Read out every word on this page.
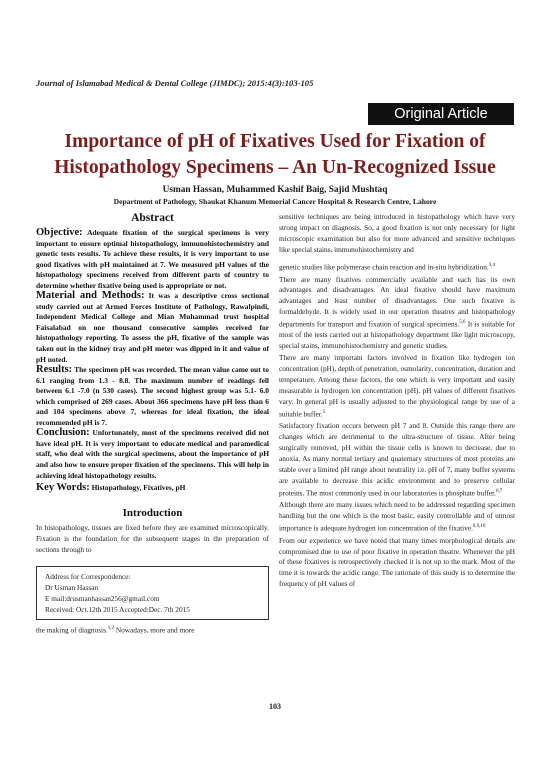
Journal of Islamabad Medical & Dental College (JIMDC); 2015:4(3):103-105
Original Article
Importance of pH of Fixatives Used for Fixation of Histopathology Specimens – An Un-Recognized Issue
Usman Hassan, Muhammed Kashif Baig, Sajid Mushtaq
Department of Pathology, Shaukat Khanum Memorial Cancer Hospital & Research Centre, Lahore
Abstract

Objective: Adequate fixation of the surgical specimens is very important to ensure optimal histopathology, immunohistochemistry and genetic tests results. To achieve these results, it is very important to use good fixatives with pH maintained at 7. We measured pH values of the histopathology specimens received from different parts of country to determine whether fixative being used is appropriate or not.

Material and Methods: It was a descriptive cross sectional study carried out at Armed Forces Institute of Pathology, Rawalpindi, Independent Medical College and Mian Muhammad trust hospital Faisalabad on one thousand consecutive samples received for histopathology reporting. To assess the pH, fixative of the sample was taken out in the kidney tray and pH meter was dipped in it and value of pH noted.

Results: The specimen pH was recorded. The mean value came out to 6.1 ranging from 1.3 - 8.8. The maximum number of readings fell between 6.1 -7.0 (n 530 cases). The second highest group was 5.1- 6.0 which comprised of 269 cases. About 366 specimens have pH less than 6 and 104 specimens above 7, whereas for ideal fixation, the ideal recommended pH is 7.

Conclusion: Unfortunately, most of the specimens received did not have ideal pH. It is very important to educate medical and paramedical staff, who deal with the surgical specimens, about the importance of pH and also how to ensure proper fixation of the specimens. This will help in achieving ideal histopathology results.

Key Words: Histopathology, Fixatives, pH
Introduction

In histopathology, tissues are fixed before they are examined microscopically. Fixation is the foundation for the subsequent stages in the preparation of sections through to

Address for Correspondence:
Dr Usman Hassan
E mail:drusmanhassan256@gmail.com
Received: Oct.12th 2015 Accepted:Dec. 7th 2015
the making of diagnosis.$^{1,2}$ Nowadays, more and more

sensitive techniques are being introduced in histopathology which have very strong impact on diagnosis. So, a good fixation is not only necessary for light microscopic examination but also for more advanced and sensitive techniques like special stains, immunohistochemistry and

genetic studies like polymerase chain reaction and in-situ hybridization.$^{3,4}$

There are many fixatives commercially available and each has its own advantages and disadvantages. An ideal fixative should have maximum advantages and least number of disadvantages. One such fixative is formaldehyde. It is widely used in our operation theatres and histopathology departments for transport and fixation of surgical specimens.$^{5,6}$ It is suitable for most of the tests carried out at histopathology department like light microscopy, special stains, immunohistochemistry and genetic studies.

There are many important factors involved in fixation like hydrogen ion concentration (pH), depth of penetration, osmolarity, concentration, duration and temperature. Among these factors, the one which is very important and easily measurable is hydrogen ion concentration (pH). pH values of different fixatives vary. In general pH is usually adjusted to the physiological range by use of a suitable buffer.$^5$

Satisfactory fixation occurs between pH 7 and 8. Outside this range there are changes which are detrimental to the ultra-structure of tissue. After being surgically removed, pH within the tissue cells is known to decrease, due to anoxia. As many normal tertiary and quaternary structures of most proteins are stable over a limited pH range about neutrality i.e. pH of 7, many buffer systems are available to decrease this acidic environment and to preserve cellular proteins. The most commonly used in our laboratories is phosphate buffer.$^{6,7}$

Although there are many issues which need to be addressed regarding specimen handling but the one which is the most basic, easily controllable and of utmost importance is adequate hydrogen ion concentration of the fixative.$^{8,9,10}$

From our experience we have noted that many times morphological details are compromised due to use of poor fixative in operation theatre. Whenever the pH of these fixatives is retrospectively checked it is not up to the mark. Most of the time it is towards the acidic range. The rationale of this study is to determine the frequency of pH values of

103
